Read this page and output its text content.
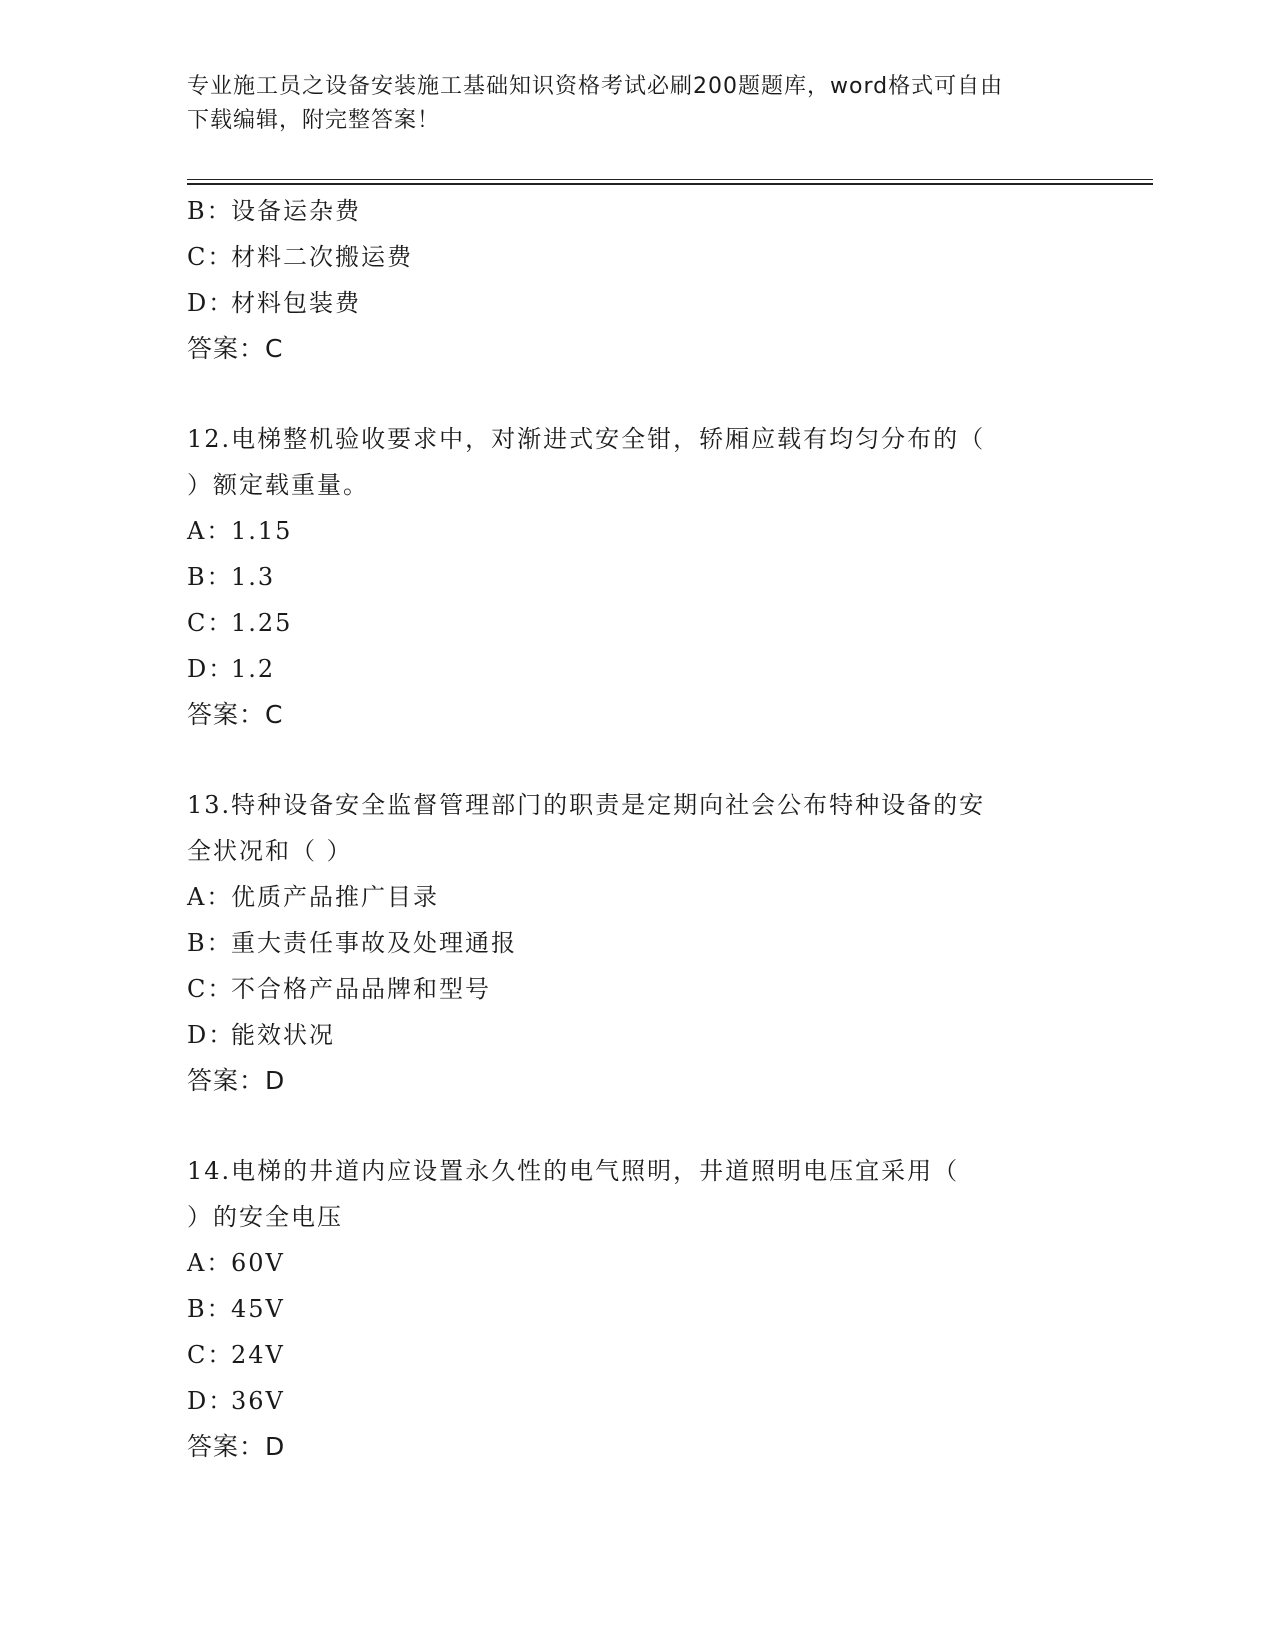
专业施工员之设备安装施工基础知识资格考试必刷200题题库，word格式可自由
下载编辑，附完整答案！
B：设备运杂费
C：材料二次搬运费
D：材料包装费
答案：C
12.电梯整机验收要求中，对渐进式安全钳，轿厢应载有均匀分布的（
）额定载重量。
A：1.15
B：1.3
C：1.25
D：1.2
答案：C
13.特种设备安全监督管理部门的职责是定期向社会公布特种设备的安
全状况和（ ）
A：优质产品推广目录
B：重大责任事故及处理通报
C：不合格产品品牌和型号
D：能效状况
答案：D
14.电梯的井道内应设置永久性的电气照明，井道照明电压宜采用（
）的安全电压
A：60V
B：45V
C：24V
D：36V
答案：D
